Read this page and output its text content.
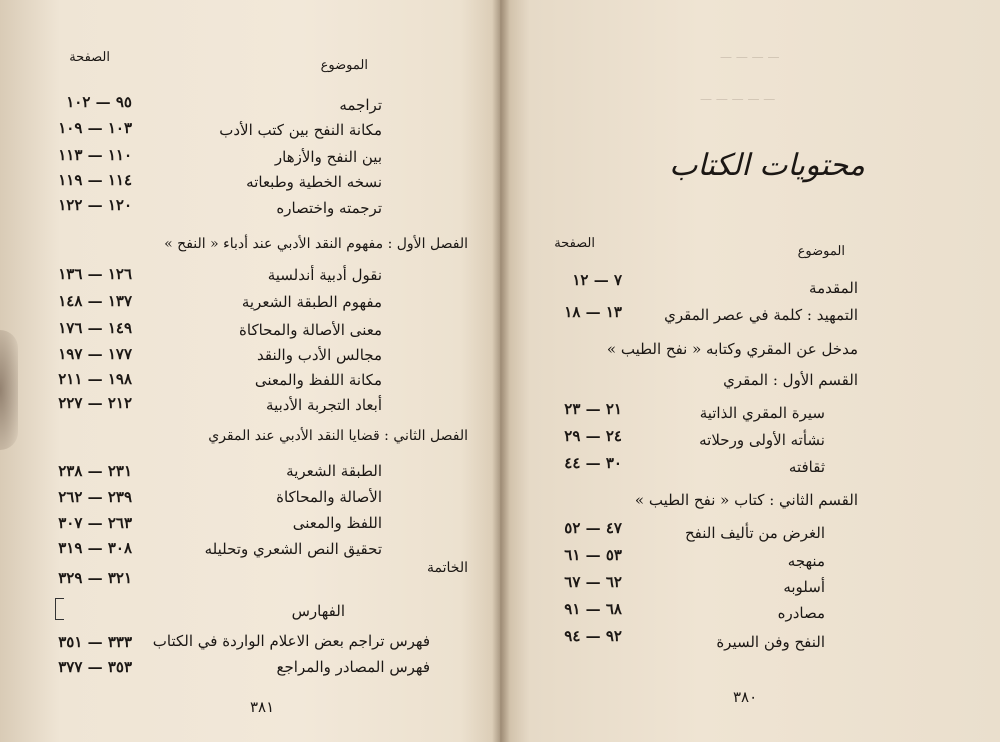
— — — —
— — — — —
محتويات الكتاب
الموضوع
الصفحة
المقدمة
٧ — ١٢
التمهيد : كلمة في عصر المقري
١٣ — ١٨
مدخل عن المقري وكتابه « نفح الطيب »
القسم الأول : المقري
سيرة المقري الذاتية
٢١ — ٢٣
نشأته الأولى ورحلاته
٢٤ — ٢٩
ثقافته
٣٠ — ٤٤
القسم الثاني : كتاب « نفح الطيب »
الغرض من تأليف النفح
٤٧ — ٥٢
منهجه
٥٣ — ٦١
أسلوبه
٦٢ — ٦٧
مصادره
٦٨ — ٩١
النفح وفن السيرة
٩٢ — ٩٤
٣٨٠
الموضوع
الصفحة
تراجمه
٩٥ — ١٠٢
مكانة النفح بين كتب الأدب
١٠٣ — ١٠٩
بين النفح والأزهار
١١٠ — ١١٣
نسخه الخطية وطبعاته
١١٤ — ١١٩
ترجمته واختصاره
١٢٠ — ١٢٢
الفصل الأول : مفهوم النقد الأدبي عند أدباء « النفح »
نقول أدبية أندلسية
١٢٦ — ١٣٦
مفهوم الطبقة الشعرية
١٣٧ — ١٤٨
معنى الأصالة والمحاكاة
١٤٩ — ١٧٦
مجالس الأدب والنقد
١٧٧ — ١٩٧
مكانة اللفظ والمعنى
١٩٨ — ٢١١
أبعاد التجربة الأدبية
٢١٢ — ٢٢٧
الفصل الثاني : قضايا النقد الأدبي عند المقري
الطبقة الشعرية
٢٣١ — ٢٣٨
الأصالة والمحاكاة
٢٣٩ — ٢٦٢
اللفظ والمعنى
٢٦٣ — ٣٠٧
تحقيق النص الشعري وتحليله
٣٠٨ — ٣١٩
الخاتمة
٣٢١ — ٣٢٩
الفهارس
فهرس تراجم بعض الاعلام الواردة في الكتاب
٣٣٣ — ٣٥١
فهرس المصادر والمراجع
٣٥٣ — ٣٧٧
٣٨١
